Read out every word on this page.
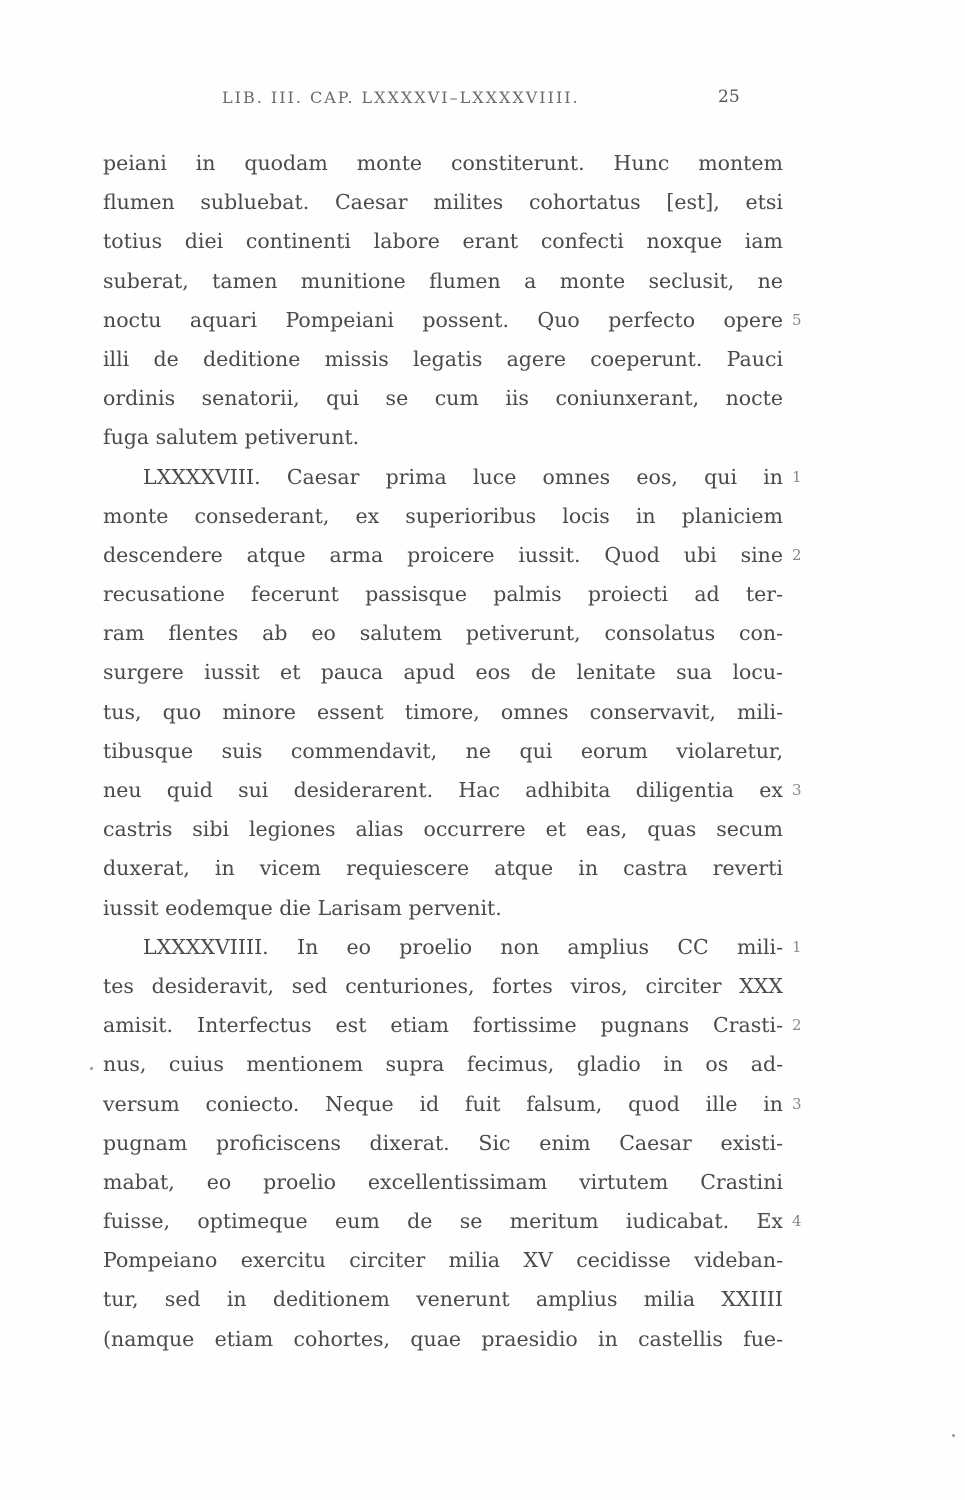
LIB. III. CAP. LXXXXVI–LXXXXVIIII.	25
peiani in quodam monte constiterunt. Hunc montem
flumen subluebat. Caesar milites cohortatus [est], etsi
totius diei continenti labore erant confecti noxque iam
suberat, tamen munitione flumen a monte seclusit, ne
noctu aquari Pompeiani possent. Quo perfecto opere
illi de deditione missis legatis agere coeperunt. Pauci
ordinis senatorii, qui se cum iis coniunxerant, nocte
fuga salutem petiverunt.
LXXXXVIII. Caesar prima luce omnes eos, qui in
monte consederant, ex superioribus locis in planiciem
descendere atque arma proicere iussit. Quod ubi sine
recusatione fecerunt passisque palmis proiecti ad ter-
ram flentes ab eo salutem petiverunt, consolatus con-
surgere iussit et pauca apud eos de lenitate sua locu-
tus, quo minore essent timore, omnes conservavit, mili-
tibusque suis commendavit, ne qui eorum violaretur,
neu quid sui desiderarent. Hac adhibita diligentia ex
castris sibi legiones alias occurrere et eas, quas secum
duxerat, in vicem requiescere atque in castra reverti
iussit eodemque die Larisam pervenit.
LXXXXVIIII. In eo proelio non amplius CC mili-
tes desideravit, sed centuriones, fortes viros, circiter XXX
amisit. Interfectus est etiam fortissime pugnans Crasti-
nus, cuius mentionem supra fecimus, gladio in os ad-
versum coniecto. Neque id fuit falsum, quod ille in
pugnam proficiscens dixerat. Sic enim Caesar existi-
mabat, eo proelio excellentissimam virtutem Crastini
fuisse, optimeque eum de se meritum iudicabat. Ex
Pompeiano exercitu circiter milia XV cecidisse videban-
tur, sed in deditionem venerunt amplius milia XXIIII
(namque etiam cohortes, quae praesidio in castellis fue-
5
1
2
3
1
2
3
4
